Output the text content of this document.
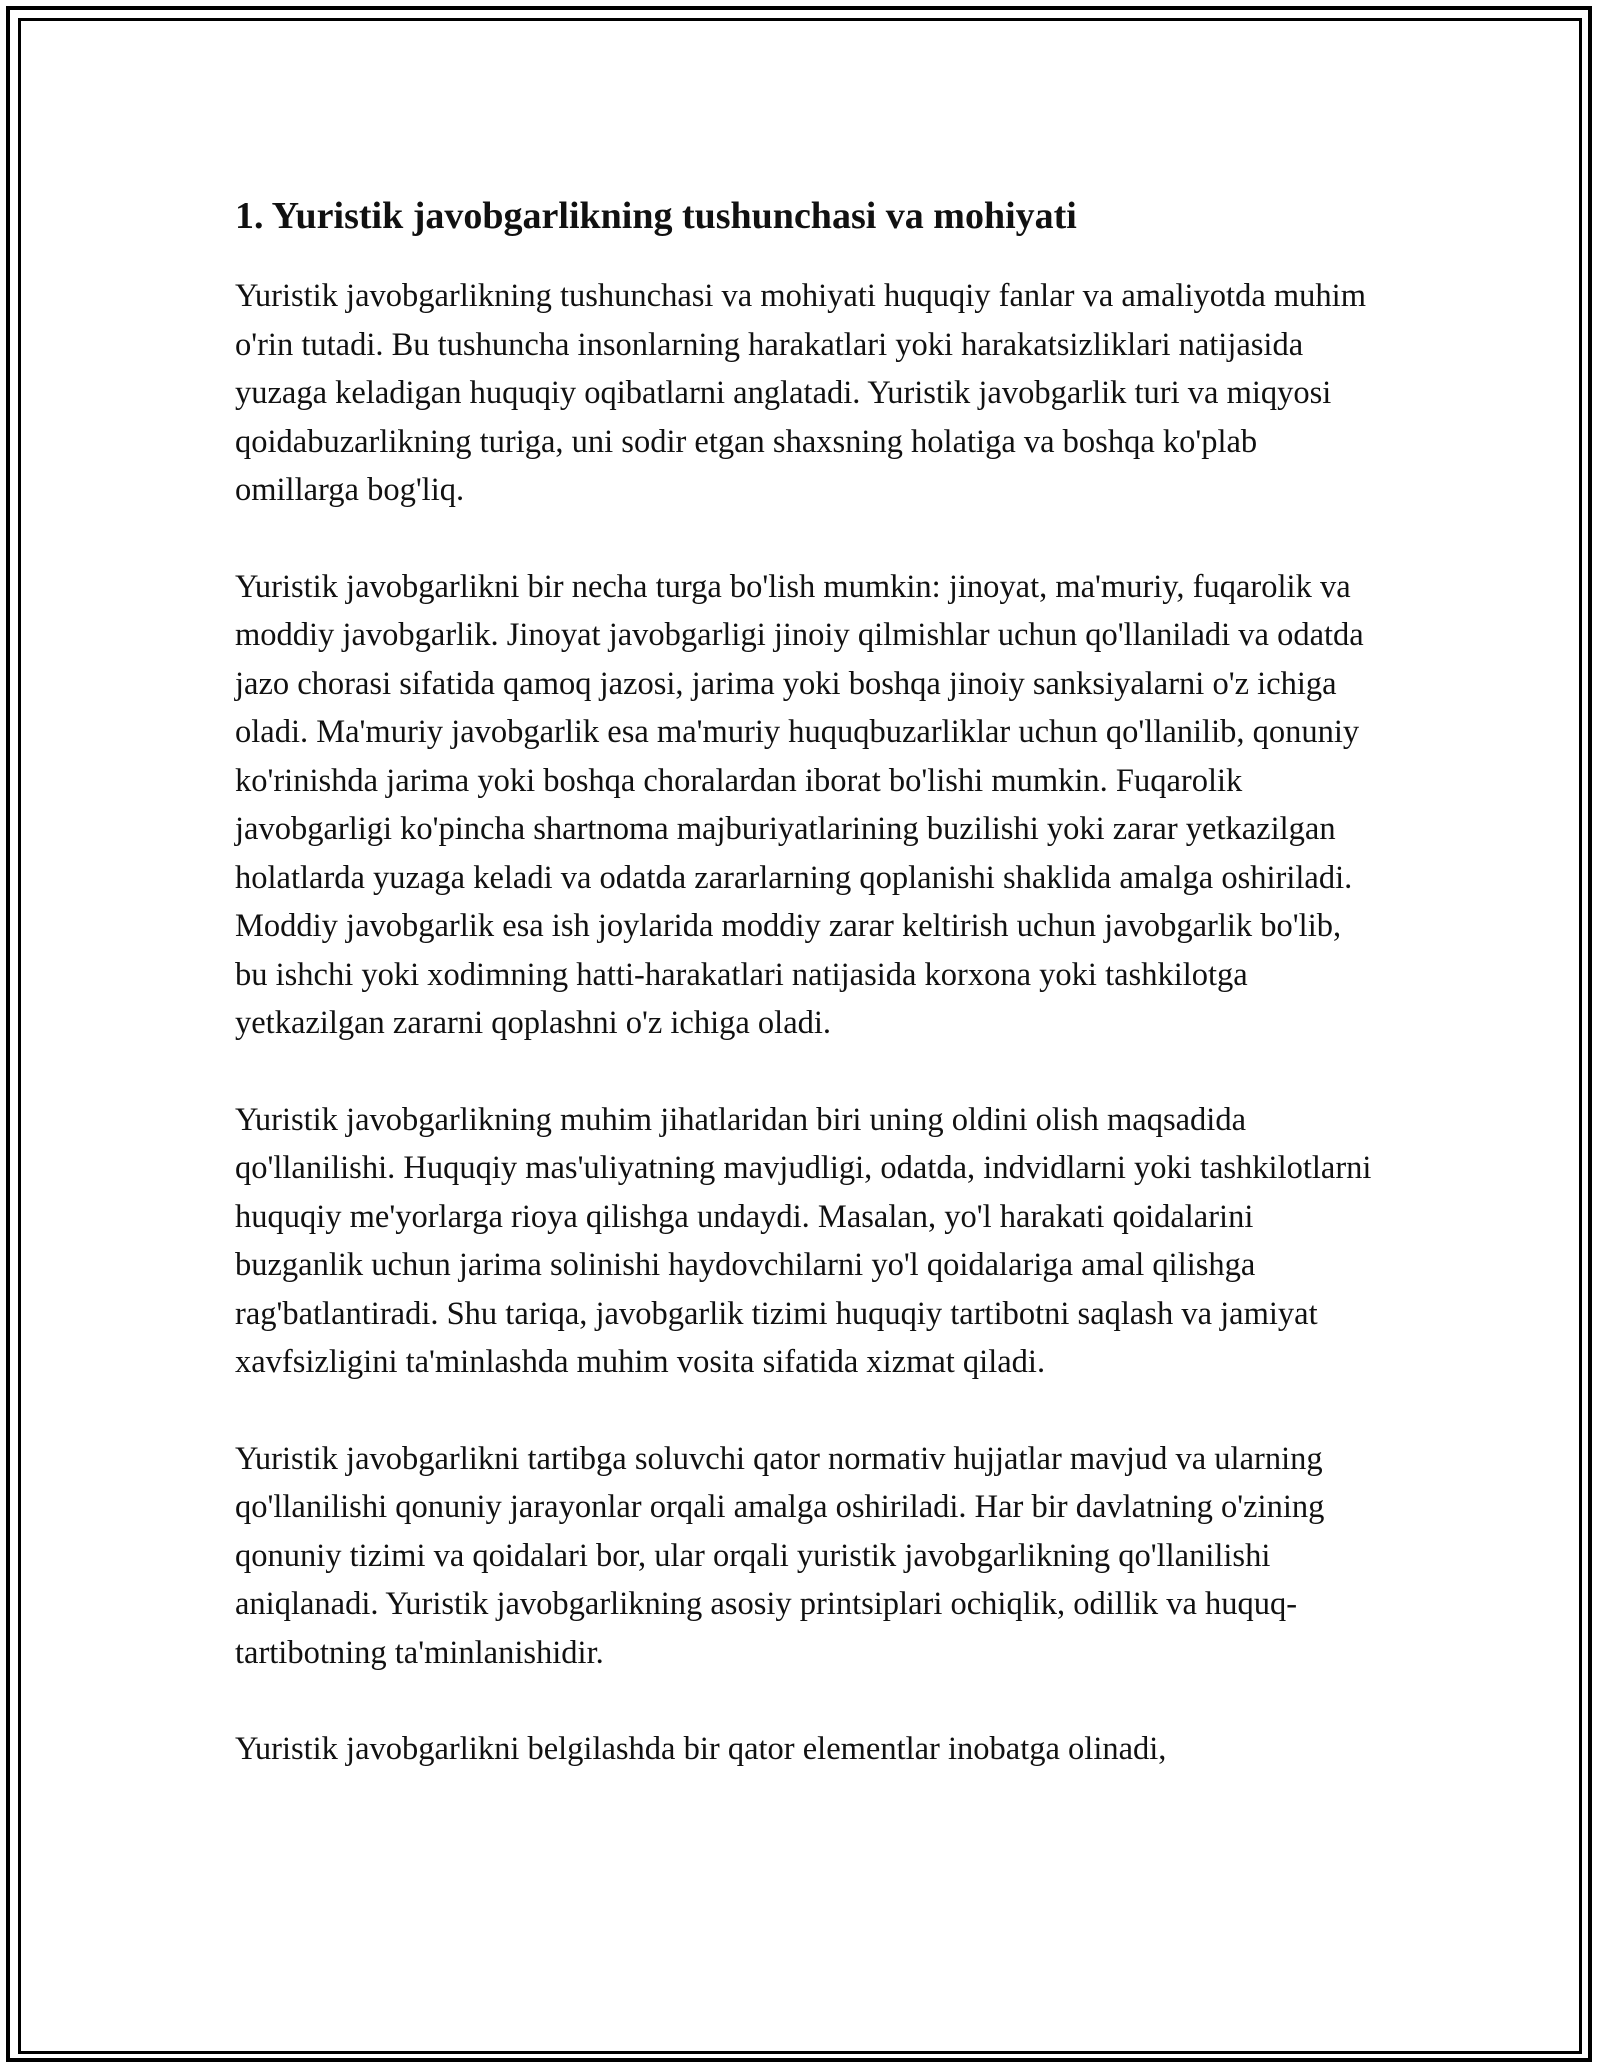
1. Yuristik javobgarlikning tushunchasi va mohiyati

Yuristik javobgarlikning tushunchasi va mohiyati huquqiy fanlar va amaliyotda muhim o'rin tutadi. Bu tushuncha insonlarning harakatlari yoki harakatsizliklari natijasida yuzaga keladigan huquqiy oqibatlarni anglatadi. Yuristik javobgarlik turi va miqyosi qoidabuzarlikning turiga, uni sodir etgan shaxsning holatiga va boshqa ko'plab omillarga bog'liq.

Yuristik javobgarlikni bir necha turga bo'lish mumkin: jinoyat, ma'muriy, fuqarolik va moddiy javobgarlik. Jinoyat javobgarligi jinoiy qilmishlar uchun qo'llaniladi va odatda jazo chorasi sifatida qamoq jazosi, jarima yoki boshqa jinoiy sanksiyalarni o'z ichiga oladi. Ma'muriy javobgarlik esa ma'muriy huquqbuzarliklar uchun qo'llanilib, qonuniy ko'rinishda jarima yoki boshqa choralardan iborat bo'lishi mumkin. Fuqarolik javobgarligi ko'pincha shartnoma majburiyatlarining buzilishi yoki zarar yetkazilgan holatlarda yuzaga keladi va odatda zararlarning qoplanishi shaklida amalga oshiriladi. Moddiy javobgarlik esa ish joylarida moddiy zarar keltirish uchun javobgarlik bo'lib, bu ishchi yoki xodimning hatti-harakatlari natijasida korxona yoki tashkilotga yetkazilgan zararni qoplashni o'z ichiga oladi.

Yuristik javobgarlikning muhim jihatlaridan biri uning oldini olish maqsadida qo'llanilishi. Huquqiy mas'uliyatning mavjudligi, odatda, indvidlarni yoki tashkilotlarni huquqiy me'yorlarga rioya qilishga undaydi. Masalan, yo'l harakati qoidalarini buzganlik uchun jarima solinishi haydovchilarni yo'l qoidalariga amal qilishga rag'batlantiradi. Shu tariqa, javobgarlik tizimi huquqiy tartibotni saqlash va jamiyat xavfsizligini ta'minlashda muhim vosita sifatida xizmat qiladi.

Yuristik javobgarlikni tartibga soluvchi qator normativ hujjatlar mavjud va ularning qo'llanilishi qonuniy jarayonlar orqali amalga oshiriladi. Har bir davlatning o'zining qonuniy tizimi va qoidalari bor, ular orqali yuristik javobgarlikning qo'llanilishi aniqlanadi. Yuristik javobgarlikning asosiy printsiplari ochiqlik, odillik va huquq-tartibotning ta'minlanishidir.

Yuristik javobgarlikni belgilashda bir qator elementlar inobatga olinadi,
